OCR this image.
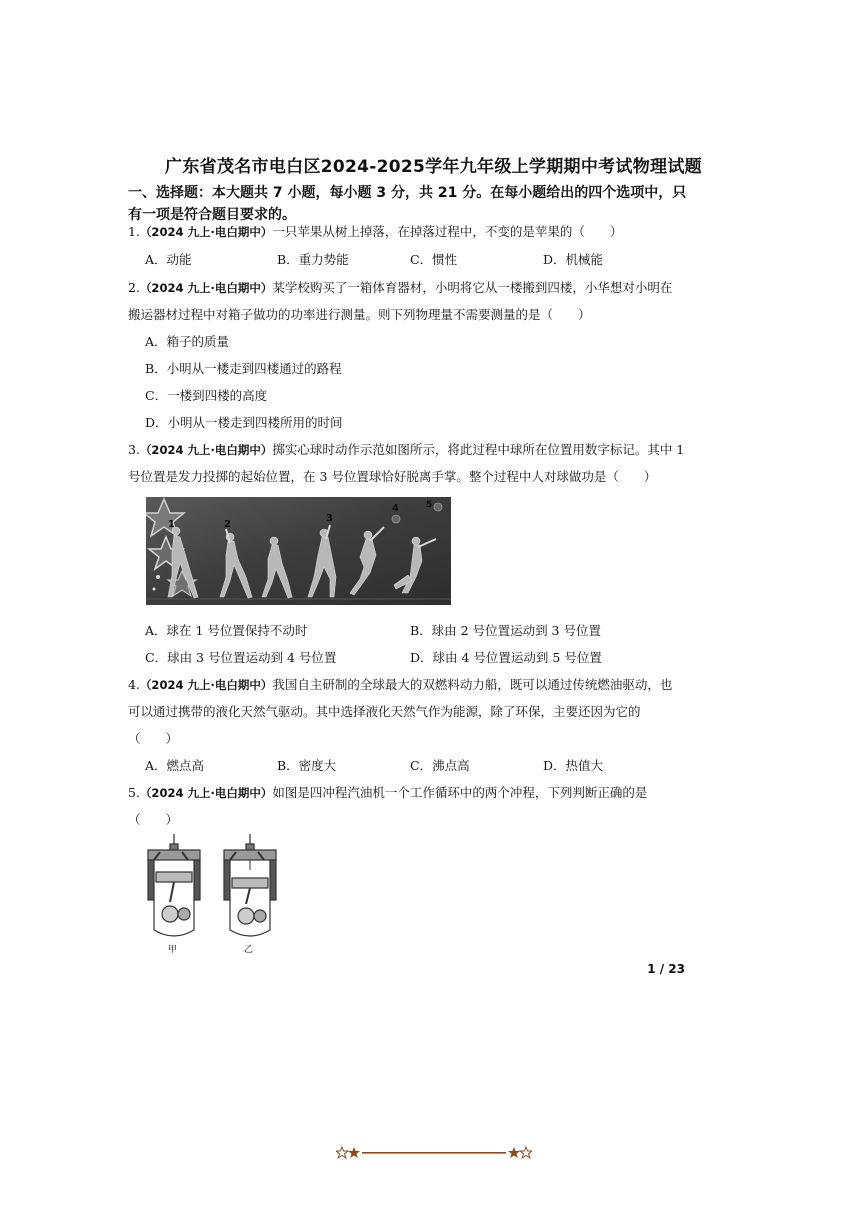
广东省茂名市电白区2024-2025学年九年级上学期期中考试物理试题
一、选择题：本大题共 7 小题，每小题 3 分，共 21 分。在每小题给出的四个选项中，只有一项是符合题目要求的。
1.（2024 九上·电白期中）一只苹果从树上掉落，在掉落过程中，不变的是苹果的（　　）
A．动能	B．重力势能	C．惯性	D．机械能
2.（2024 九上·电白期中）某学校购买了一箱体育器材，小明将它从一楼搬到四楼，小华想对小明在
搬运器材过程中对箱子做功的功率进行测量。则下列物理量不需要测量的是（　　）
A．箱子的质量
B．小明从一楼走到四楼通过的路程
C．一楼到四楼的高度
D．小明从一楼走到四楼所用的时间
3.（2024 九上·电白期中）掷实心球时动作示范如图所示，将此过程中球所在位置用数字标记。其中 1
号位置是发力投掷的起始位置，在 3 号位置球恰好脱离手掌。整个过程中人对球做功是（　　）
1	2
3
4	5
A．球在 1 号位置保持不动时	B．球由 2 号位置运动到 3 号位置
C．球由 3 号位置运动到 4 号位置	D．球由 4 号位置运动到 5 号位置
4.（2024 九上·电白期中）我国自主研制的全球最大的双燃料动力船，既可以通过传统燃油驱动，也
可以通过携带的液化天然气驱动。其中选择液化天然气作为能源，除了环保，主要还因为它的
（　　）
A．燃点高	B．密度大	C．沸点高	D．热值大
5.（2024 九上·电白期中）如图是四冲程汽油机一个工作循环中的两个冲程，下列判断正确的是
（　　）
甲	乙
1 / 23
